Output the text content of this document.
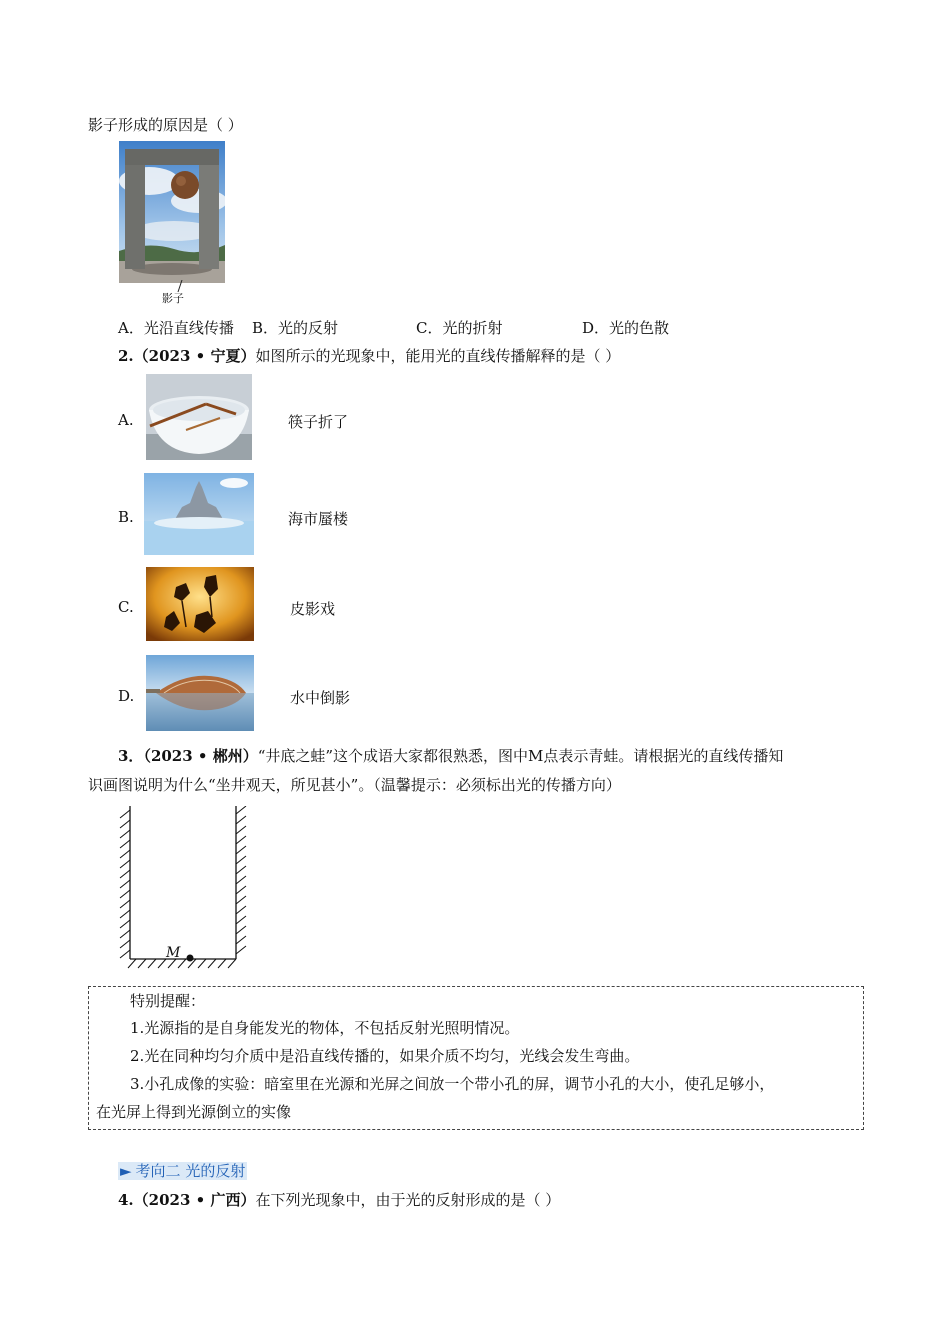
影子形成的原因是（ ）
影子
A．光沿直线传播 B．光的反射	C．光的折射	D．光的色散
2.（2023 • 宁夏）如图所示的光现象中，能用光的直线传播解释的是（ ）
A.	筷子折了
B.	海市蜃楼
C.	皮影戏
D.	水中倒影
3．（2023 • 郴州）“井底之蛙”这个成语大家都很熟悉，图中M点表示青蛙。请根据光的直线传播知
识画图说明为什么“坐井观天，所见甚小”。（温馨提示：必须标出光的传播方向）
M
特别提醒：
1.光源指的是自身能发光的物体，不包括反射光照明情况。
2.光在同种均匀介质中是沿直线传播的，如果介质不均匀，光线会发生弯曲。
3.小孔成像的实验：暗室里在光源和光屏之间放一个带小孔的屏，调节小孔的大小，使孔足够小，
在光屏上得到光源倒立的实像
► 考向二 光的反射
4.（2023 • 广西）在下列光现象中，由于光的反射形成的是（ ）
